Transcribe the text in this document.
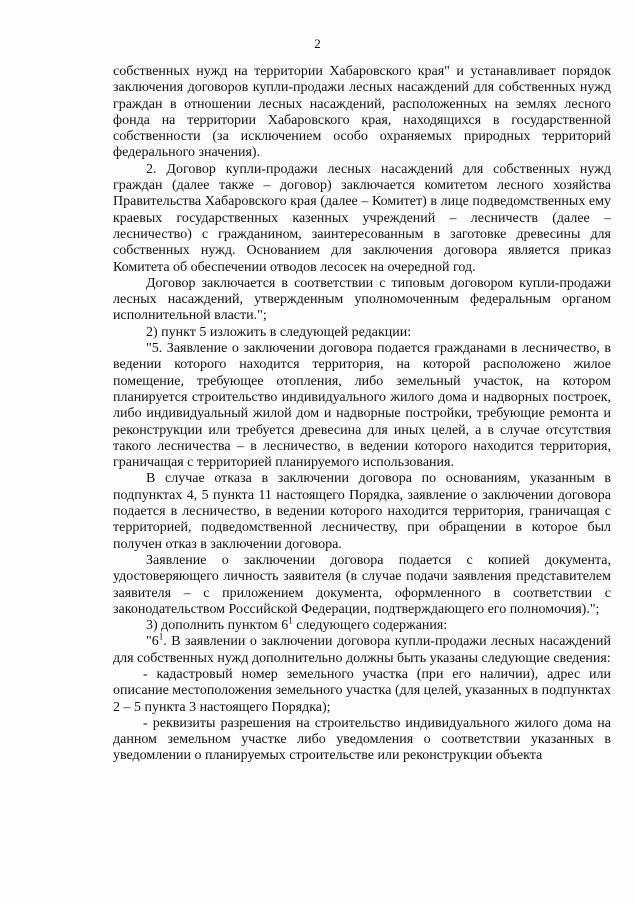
2

собственных нужд на территории Хабаровского края" и устанавливает порядок заключения договоров купли-продажи лесных насаждений для собственных нужд граждан в отношении лесных насаждений, расположенных на землях лесного фонда на территории Хабаровского края, находящихся в государственной собственности (за исключением особо охраняемых природных территорий федерального значения).

2. Договор купли-продажи лесных насаждений для собственных нужд граждан (далее также – договор) заключается комитетом лесного хозяйства Правительства Хабаровского края (далее – Комитет) в лице подведомственных ему краевых государственных казенных учреждений – лесничеств (далее – лесничество) с гражданином, заинтересованным в заготовке древесины для собственных нужд. Основанием для заключения договора является приказ Комитета об обеспечении отводов лесосек на очередной год.

Договор заключается в соответствии с типовым договором купли-продажи лесных насаждений, утвержденным уполномоченным федеральным органом исполнительной власти.";

2) пункт 5 изложить в следующей редакции:

"5. Заявление о заключении договора подается гражданами в лесничество, в ведении которого находится территория, на которой расположено жилое помещение, требующее отопления, либо земельный участок, на котором планируется строительство индивидуального жилого дома и надворных построек, либо индивидуальный жилой дом и надворные постройки, требующие ремонта и реконструкции или требуется древесина для иных целей, а в случае отсутствия такого лесничества – в лесничество, в ведении которого находится территория, граничащая с территорией планируемого использования.

В случае отказа в заключении договора по основаниям, указанным в подпунктах 4, 5 пункта 11 настоящего Порядка, заявление о заключении договора подается в лесничество, в ведении которого находится территория, граничащая с территорией, подведомственной лесничеству, при обращении в которое был получен отказ в заключении договора.

Заявление о заключении договора подается с копией документа, удостоверяющего личность заявителя (в случае подачи заявления представителем заявителя – с приложением документа, оформленного в соответствии с законодательством Российской Федерации, подтверждающего его полномочия).";

3) дополнить пунктом $6^1$ следующего содержания:

"$6^1$. В заявлении о заключении договора купли-продажи лесных насаждений для собственных нужд дополнительно должны быть указаны следующие сведения:

- кадастровый номер земельного участка (при его наличии), адрес или описание местоположения земельного участка (для целей, указанных в подпунктах 2 – 5 пункта 3 настоящего Порядка);

- реквизиты разрешения на строительство индивидуального жилого дома на данном земельном участке либо уведомления о соответствии указанных в уведомлении о планируемых строительстве или реконструкции объекта
